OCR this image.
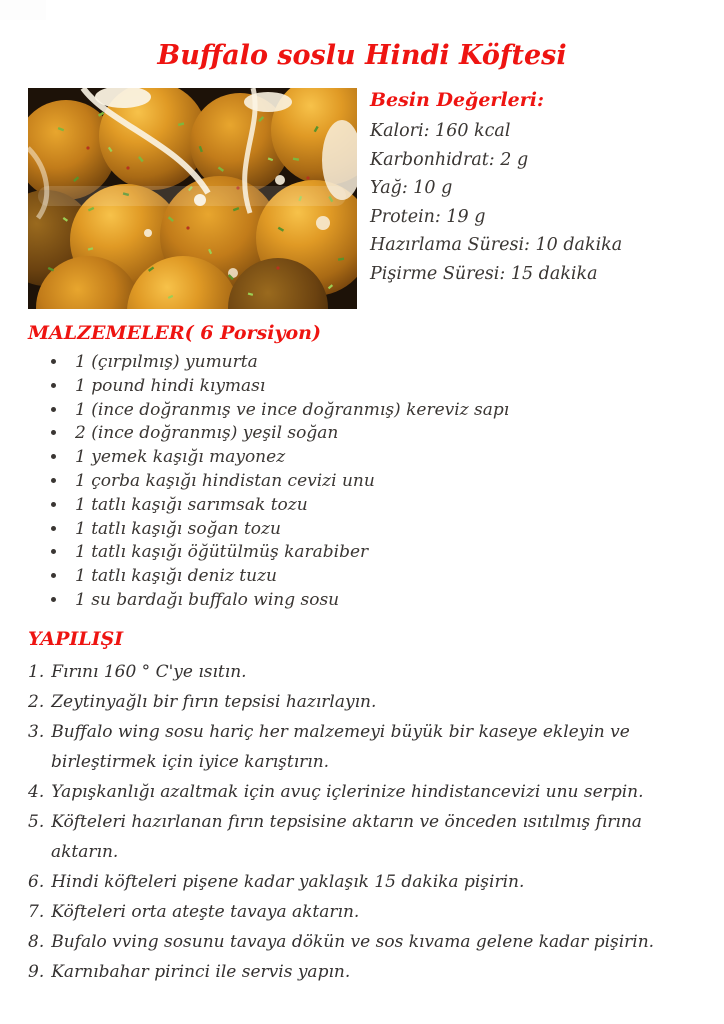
Buffalo soslu Hindi Köftesi
Besin Değerleri:
Kalori: 160 kcal
Karbonhidrat: 2 g
Yağ: 10 g
Protein: 19 g
Hazırlama Süresi: 10 dakika
Pişirme Süresi: 15 dakika
MALZEMELER( 6 Porsiyon)
• 1 (çırpılmış) yumurta
• 1 pound hindi kıyması
• 1 (ince doğranmış ve ince doğranmış) kereviz sapı
• 2 (ince doğranmış) yeşil soğan
• 1 yemek kaşığı mayonez
• 1 çorba kaşığı hindistan cevizi unu
• 1 tatlı kaşığı sarımsak tozu
• 1 tatlı kaşığı soğan tozu
• 1 tatlı kaşığı öğütülmüş karabiber
• 1 tatlı kaşığı deniz tuzu
• 1 su bardağı buffalo wing sosu
YAPILIŞI
1. Fırını 160 ° C'ye ısıtın.
2. Zeytinyağlı bir fırın tepsisi hazırlayın.
3. Buffalo wing sosu hariç her malzemeyi büyük bir kaseye ekleyin ve birleştirmek için iyice karıştırın.
4. Yapışkanlığı azaltmak için avuç içlerinize hindistancevizi unu serpin.
5. Köfteleri hazırlanan fırın tepsisine aktarın ve önceden ısıtılmış fırına aktarın.
6. Hindi köfteleri pişene kadar yaklaşık 15 dakika pişirin.
7. Köfteleri orta ateşte tavaya aktarın.
8. Bufalo vving sosunu tavaya dökün ve sos kıvama gelene kadar pişirin.
9. Karnıbahar pirinci ile servis yapın.
